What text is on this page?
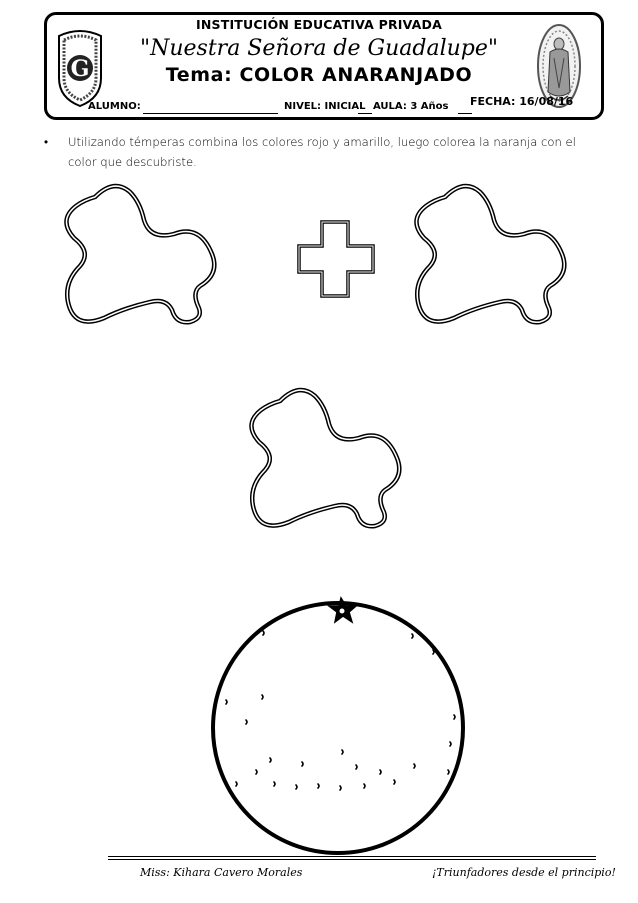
G
INSTITUCIÓN EDUCATIVA PRIVADA
"Nuestra Señora de Guadalupe"
Tema: COLOR ANARANJADO
ALUMNO:	NIVEL: INICIAL AULA: 3 Años FECHA: 16/08/16
•	Utilizando témperas combina los colores rojo y amarillo, luego colorea la naranja con el color que descubriste.
Miss: Kihara Cavero Morales	¡Triunfadores desde el principio!
